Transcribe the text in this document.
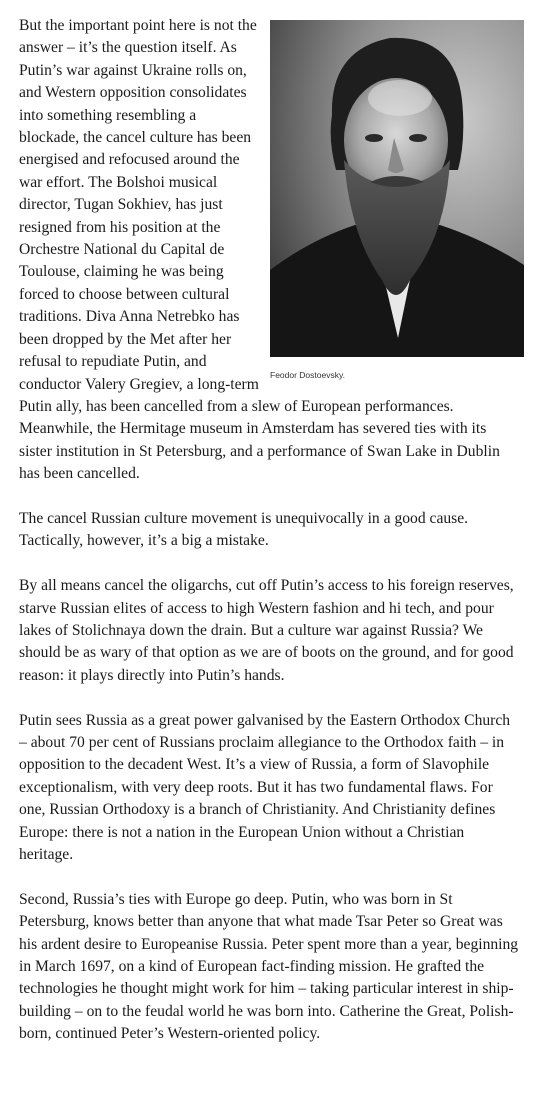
Feodor Dostoevsky.

But the important point here is not the answer – it’s the question itself. As Putin’s war against Ukraine rolls on, and Western opposition consolidates into something resembling a blockade, the cancel culture has been energised and refocused around the war effort. The Bolshoi musical director, Tugan Sokhiev, has just resigned from his position at the Orchestre National du Capital de Toulouse, claiming he was being forced to choose between cultural traditions. Diva Anna Netrebko has been dropped by the Met after her refusal to repudiate Putin, and conductor Valery Gregiev, a long-term Putin ally, has been cancelled from a slew of European performances. Meanwhile, the Hermitage museum in Amsterdam has severed ties with its sister institution in St Petersburg, and a performance of Swan Lake in Dublin has been cancelled.

The cancel Russian culture movement is unequivocally in a good cause. Tactically, however, it’s a big a mistake.

By all means cancel the oligarchs, cut off Putin’s access to his foreign reserves, starve Russian elites of access to high Western fashion and hi tech, and pour lakes of Stolichnaya down the drain. But a culture war against Russia? We should be as wary of that option as we are of boots on the ground, and for good reason: it plays directly into Putin’s hands.

Putin sees Russia as a great power galvanised by the Eastern Orthodox Church – about 70 per cent of Russians proclaim allegiance to the Orthodox faith – in opposition to the decadent West. It’s a view of Russia, a form of Slavophile exceptionalism, with very deep roots. But it has two fundamental flaws. For one, Russian Orthodoxy is a branch of Christianity. And Christianity defines Europe: there is not a nation in the European Union without a Christian heritage.

Second, Russia’s ties with Europe go deep. Putin, who was born in St Petersburg, knows better than anyone that what made Tsar Peter so Great was his ardent desire to Europeanise Russia. Peter spent more than a year, beginning in March 1697, on a kind of European fact-finding mission. He grafted the technologies he thought might work for him – taking particular interest in ship-building – on to the feudal world he was born into. Catherine the Great, Polish-born, continued Peter’s Western-oriented policy.
